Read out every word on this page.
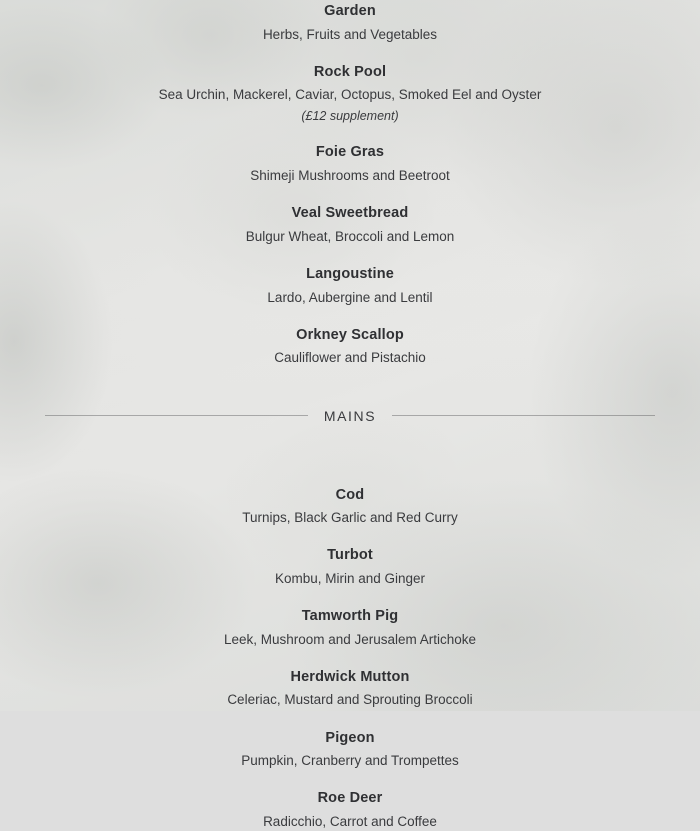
Garden
Herbs, Fruits and Vegetables
Rock Pool
Sea Urchin, Mackerel, Caviar, Octopus, Smoked Eel and Oyster
(£12 supplement)
Foie Gras
Shimeji Mushrooms and Beetroot
Veal Sweetbread
Bulgur Wheat, Broccoli and Lemon
Langoustine
Lardo, Aubergine and Lentil
Orkney Scallop
Cauliflower and Pistachio
MAINS
Cod
Turnips, Black Garlic and Red Curry
Turbot
Kombu, Mirin and Ginger
Tamworth Pig
Leek, Mushroom and Jerusalem Artichoke
Herdwick Mutton
Celeriac, Mustard and Sprouting Broccoli
Pigeon
Pumpkin, Cranberry and Trompettes
Roe Deer
Radicchio, Carrot and Coffee
